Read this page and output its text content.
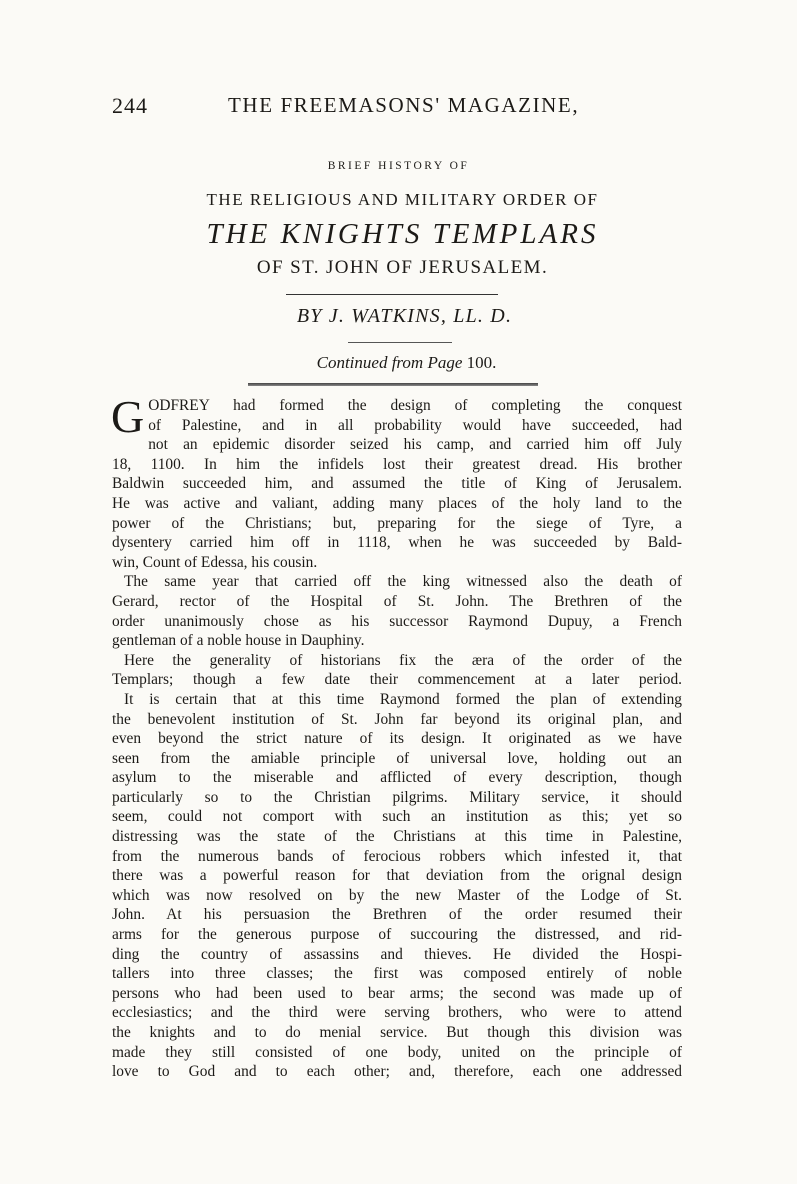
244	THE FREEMASONS' MAGAZINE,
BRIEF HISTORY OF
THE RELIGIOUS AND MILITARY ORDER OF
THE KNIGHTS TEMPLARS
OF ST. JOHN OF JERUSALEM.
BY J. WATKINS, LL. D.
Continued from Page 100.
G ODFREY had formed the design of completing the conquest
of Palestine, and in all probability would have succeeded, had
not an epidemic disorder seized his camp, and carried him off July
18, 1100. In him the infidels lost their greatest dread. His brother
Baldwin succeeded him, and assumed the title of King of Jerusalem.
He was active and valiant, adding many places of the holy land to the
power of the Christians; but, preparing for the siege of Tyre, a
dysentery carried him off in 1118, when he was succeeded by Bald-
win, Count of Edessa, his cousin.
The same year that carried off the king witnessed also the death of
Gerard, rector of the Hospital of St. John. The Brethren of the
order unanimously chose as his successor Raymond Dupuy, a French
gentleman of a noble house in Dauphiny.
Here the generality of historians fix the æra of the order of the
Templars; though a few date their commencement at a later period.
It is certain that at this time Raymond formed the plan of extending
the benevolent institution of St. John far beyond its original plan, and
even beyond the strict nature of its design. It originated as we have
seen from the amiable principle of universal love, holding out an
asylum to the miserable and afflicted of every description, though
particularly so to the Christian pilgrims. Military service, it should
seem, could not comport with such an institution as this; yet so
distressing was the state of the Christians at this time in Palestine,
from the numerous bands of ferocious robbers which infested it, that
there was a powerful reason for that deviation from the orignal design
which was now resolved on by the new Master of the Lodge of St.
John. At his persuasion the Brethren of the order resumed their
arms for the generous purpose of succouring the distressed, and rid-
ding the country of assassins and thieves. He divided the Hospi-
tallers into three classes; the first was composed entirely of noble
persons who had been used to bear arms; the second was made up of
ecclesiastics; and the third were serving brothers, who were to attend
the knights and to do menial service. But though this division was
made they still consisted of one body, united on the principle of
love to God and to each other; and, therefore, each one addressed
